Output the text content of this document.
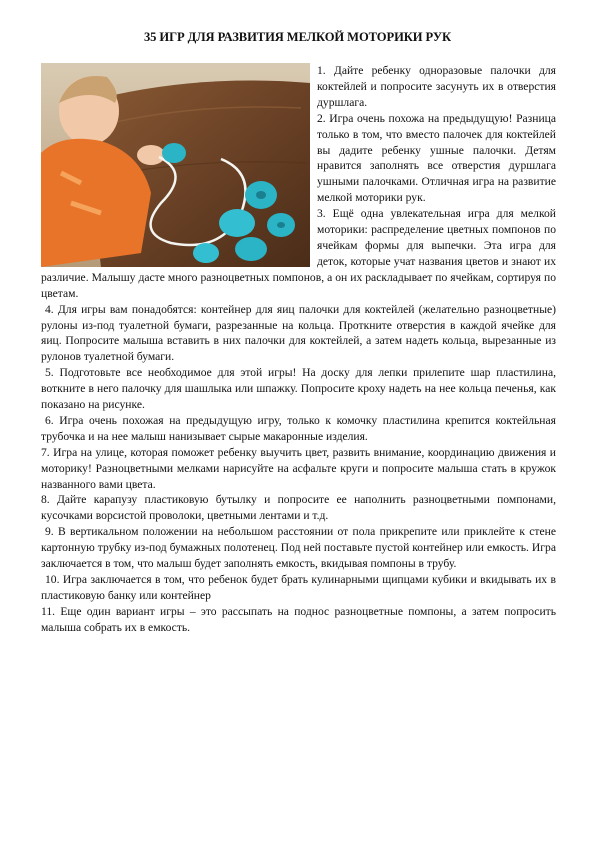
35 ИГР ДЛЯ РАЗВИТИЯ МЕЛКОЙ МОТОРИКИ РУК

1. Дайте ребенку одноразовые палочки для коктейлей и попросите засунуть их в отверстия дуршлага.

2. Игра очень похожа на предыдущую! Разница только в том, что вместо палочек для коктейлей вы дадите ребенку ушные палочки. Детям нравится заполнять все отверстия дуршлага ушными палочками. Отличная игра на развитие мелкой моторики рук.

3. Ещё одна увлекательная игра для мелкой моторики: распределение цветных помпонов по ячейкам формы для выпечки. Эта игра для деток, которые учат названия цветов и знают их различие. Малышу дасте много разноцветных помпонов, а он их раскладывает по ячейкам, сортируя по цветам.

4. Для игры вам понадобятся: контейнер для яиц палочки для коктейлей (желательно разноцветные) рулоны из-под туалетной бумаги, разрезанные на кольца. Проткните отверстия в каждой ячейке для яиц. Попросите малыша вставить в них палочки для коктейлей, а затем надеть кольца, вырезанные из рулонов туалетной бумаги.

5. Подготовьте все необходимое для этой игры! На доску для лепки прилепите шар пластилина, воткните в него палочку для шашлыка или шпажку. Попросите кроху надеть на нее кольца печенья, как показано на рисунке.

6. Игра очень похожая на предыдущую игру, только к комочку пластилина крепится коктейльная трубочка и на нее малыш нанизывает сырые макаронные изделия.

7. Игра на улице, которая поможет ребенку выучить цвет, развить внимание, координацию движения и моторику! Разноцветными мелками нарисуйте на асфальте круги и попросите малыша стать в кружок названного вами цвета.

8. Дайте карапузу пластиковую бутылку и попросите ее наполнить разноцветными помпонами, кусочками ворсистой проволоки, цветными лентами и т.д.

9. В вертикальном положении на небольшом расстоянии от пола прикрепите или приклейте к стене картонную трубку из-под бумажных полотенец. Под ней поставьте пустой контейнер или емкость. Игра заключается в том, что малыш будет заполнять емкость, вкидывая помпоны в трубу.

10. Игра заключается в том, что ребенок будет брать кулинарными щипцами кубики и вкидывать их в пластиковую банку или контейнер

11. Еще один вариант игры – это рассыпать на поднос разноцветные помпоны, а затем попросить малыша собрать их в емкость.
